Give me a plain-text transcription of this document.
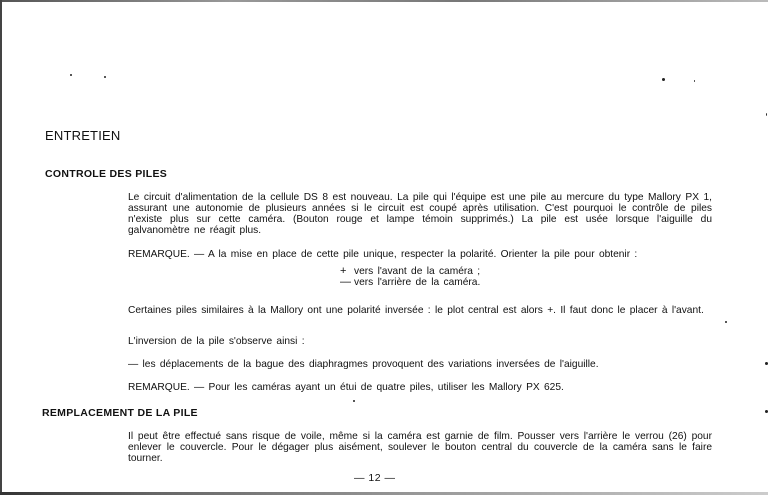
ENTRETIEN
CONTROLE DES PILES
Le circuit d'alimentation de la cellule DS 8 est nouveau. La pile qui l'équipe est une pile au mercure du type Mallory PX 1, assurant une autonomie de plusieurs années si le circuit est coupé après utilisation. C'est pourquoi le contrôle de piles n'existe plus sur cette caméra. (Bouton rouge et lampe témoin supprimés.) La pile est usée lorsque l'aiguille du galvanomètre ne réagit plus.
REMARQUE. — A la mise en place de cette pile unique, respecter la polarité. Orienter la pile pour obtenir :
+ vers l'avant de la caméra ;
— vers l'arrière de la caméra.
Certaines piles similaires à la Mallory ont une polarité inversée : le plot central est alors +. Il faut donc le placer à l'avant.
L'inversion de la pile s'observe ainsi :
— les déplacements de la bague des diaphragmes provoquent des variations inversées de l'aiguille.
REMARQUE. — Pour les caméras ayant un étui de quatre piles, utiliser les Mallory PX 625.
REMPLACEMENT DE LA PILE
Il peut être effectué sans risque de voile, même si la caméra est garnie de film. Pousser vers l'arrière le verrou (26) pour enlever le couvercle. Pour le dégager plus aisément, soulever le bouton central du couvercle de la caméra sans le faire tourner.
— 12 —
